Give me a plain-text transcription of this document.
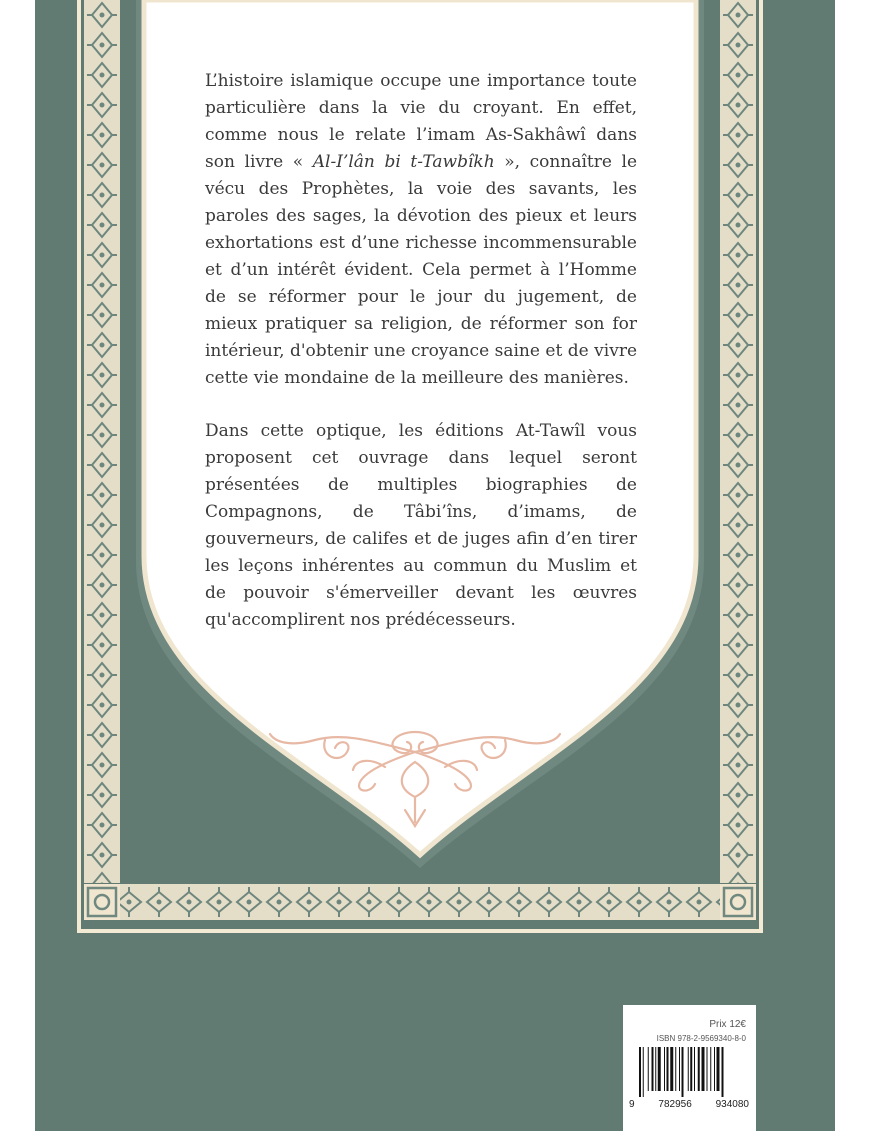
L’histoire islamique occupe une importance toute particulière dans la vie du croyant. En effet, comme nous le relate l’imam As-Sakhâwî dans son livre « Al-I’lân bi t-Tawbîkh », connaître le vécu des Prophètes, la voie des savants, les paroles des sages, la dévotion des pieux et leurs exhortations est d’une richesse incommensurable et d’un intérêt évident. Cela permet à l’Homme de se réformer pour le jour du jugement, de mieux pratiquer sa religion, de réformer son for intérieur, d'obtenir une croyance saine et de vivre cette vie mondaine de la meilleure des manières.

Dans cette optique, les éditions At-Tawîl vous proposent cet ouvrage dans lequel seront présentées de multiples biographies de Compagnons, de Tâbi’îns, d’imams, de gouverneurs, de califes et de juges afin d’en tirer les leçons inhérentes au commun du Muslim et de pouvoir s'émerveiller devant les œuvres qu'accomplirent nos prédécesseurs.

Prix 12€
ISBN 978-2-9569340-8-0
9 782956 934080
